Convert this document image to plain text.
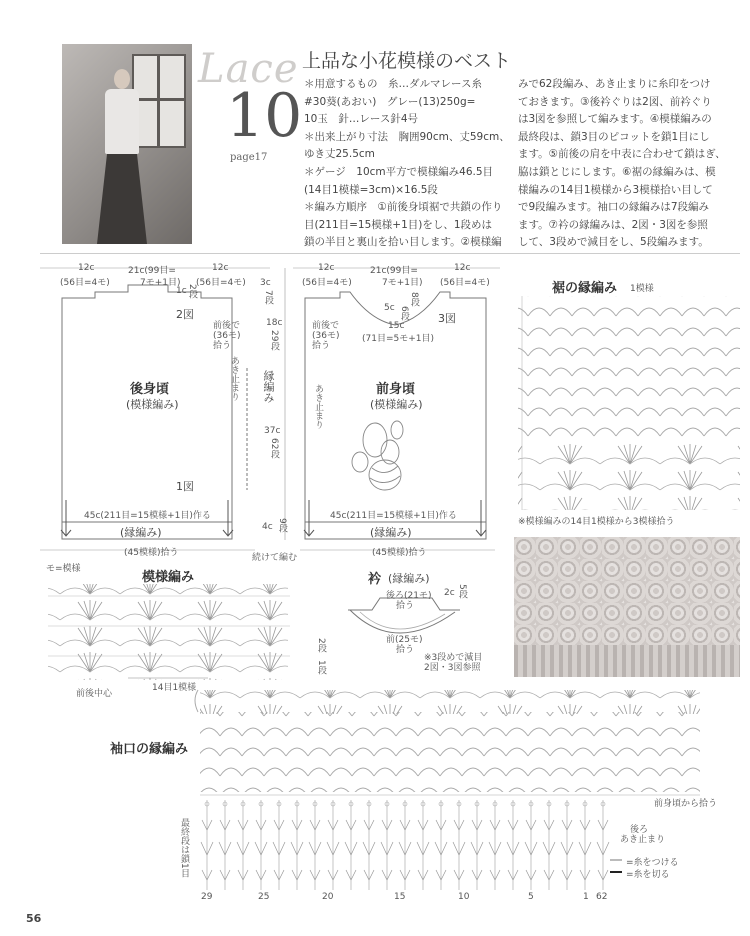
Lace
10
page17
上品な小花模様のベスト

＊用意するもの　糸…ダルマレース糸

#30葵(あおい)　グレー(13)250g=

10玉　針…レース針4号

＊出来上がり寸法　胸囲90cm、丈59cm、

ゆき丈25.5cm

＊ゲージ　10cm平方で模様編み46.5目

(14目1模様=3cm)×16.5段

＊編み方順序　①前後身頃裾で共鎖の作り

目(211目=15模様+1目)をし、1段めは

鎖の半目と裏山を拾い目します。②模様編

みで62段編み、あき止まりに糸印をつけ

ておきます。③後衿ぐりは2図、前衿ぐり

は3図を参照して編みます。④模様編みの

最終段は、鎖3目のピコットを鎖1目にし

ます。⑤前後の肩を中表に合わせて鎖はぎ、

脇は鎖とじにします。⑥裾の縁編みは、模

様編みの14目1模様から3模様拾い目して

で9段編みます。袖口の縁編みは7段編み

ます。⑦衿の縁編みは、2図・3図を参照

して、3段めで減目をし、5段編みます。

12c
(56目=4モ)
21c(99目=
7モ+1目)
12c
(56目=4モ)
1c 2段
2図
3c
7段
18c
29段
前後で
(36モ)
拾う
あき止まり 縁編み
37c
62段
後身頃
(模様編み)
1図
45c(211目=15模様+1目)作る
(縁編み)
(45模様)拾う
4c 9段
続けて編む
12c
(56目=4モ)
21c(99目=
7モ+1目)
12c
(56目=4モ)
8段
5c 6段
15c
(71目=5モ+1目)
3図
前後で
(36モ)
拾う
あき止まり	前身頃
(模様編み)
45c(211目=15模様+1目)作る
(縁編み)
(45模様)拾う
モ=模様
模様編み
14目1模様
前後中心
2段
1段
1模様
衿 (縁編み)
後ろ(21モ)
拾う
前(25モ)
拾う
2c 5段
※3段めで減目
2図・3図参照
裾の縁編み
※模様編みの14目1模様から3模様拾う
袖口の縁編み
前身頃から拾う
後ろ
あき止まり
最終段は鎖1目	=糸をつける
=糸を切る
29	25	20	15	10	5	1 62
56
